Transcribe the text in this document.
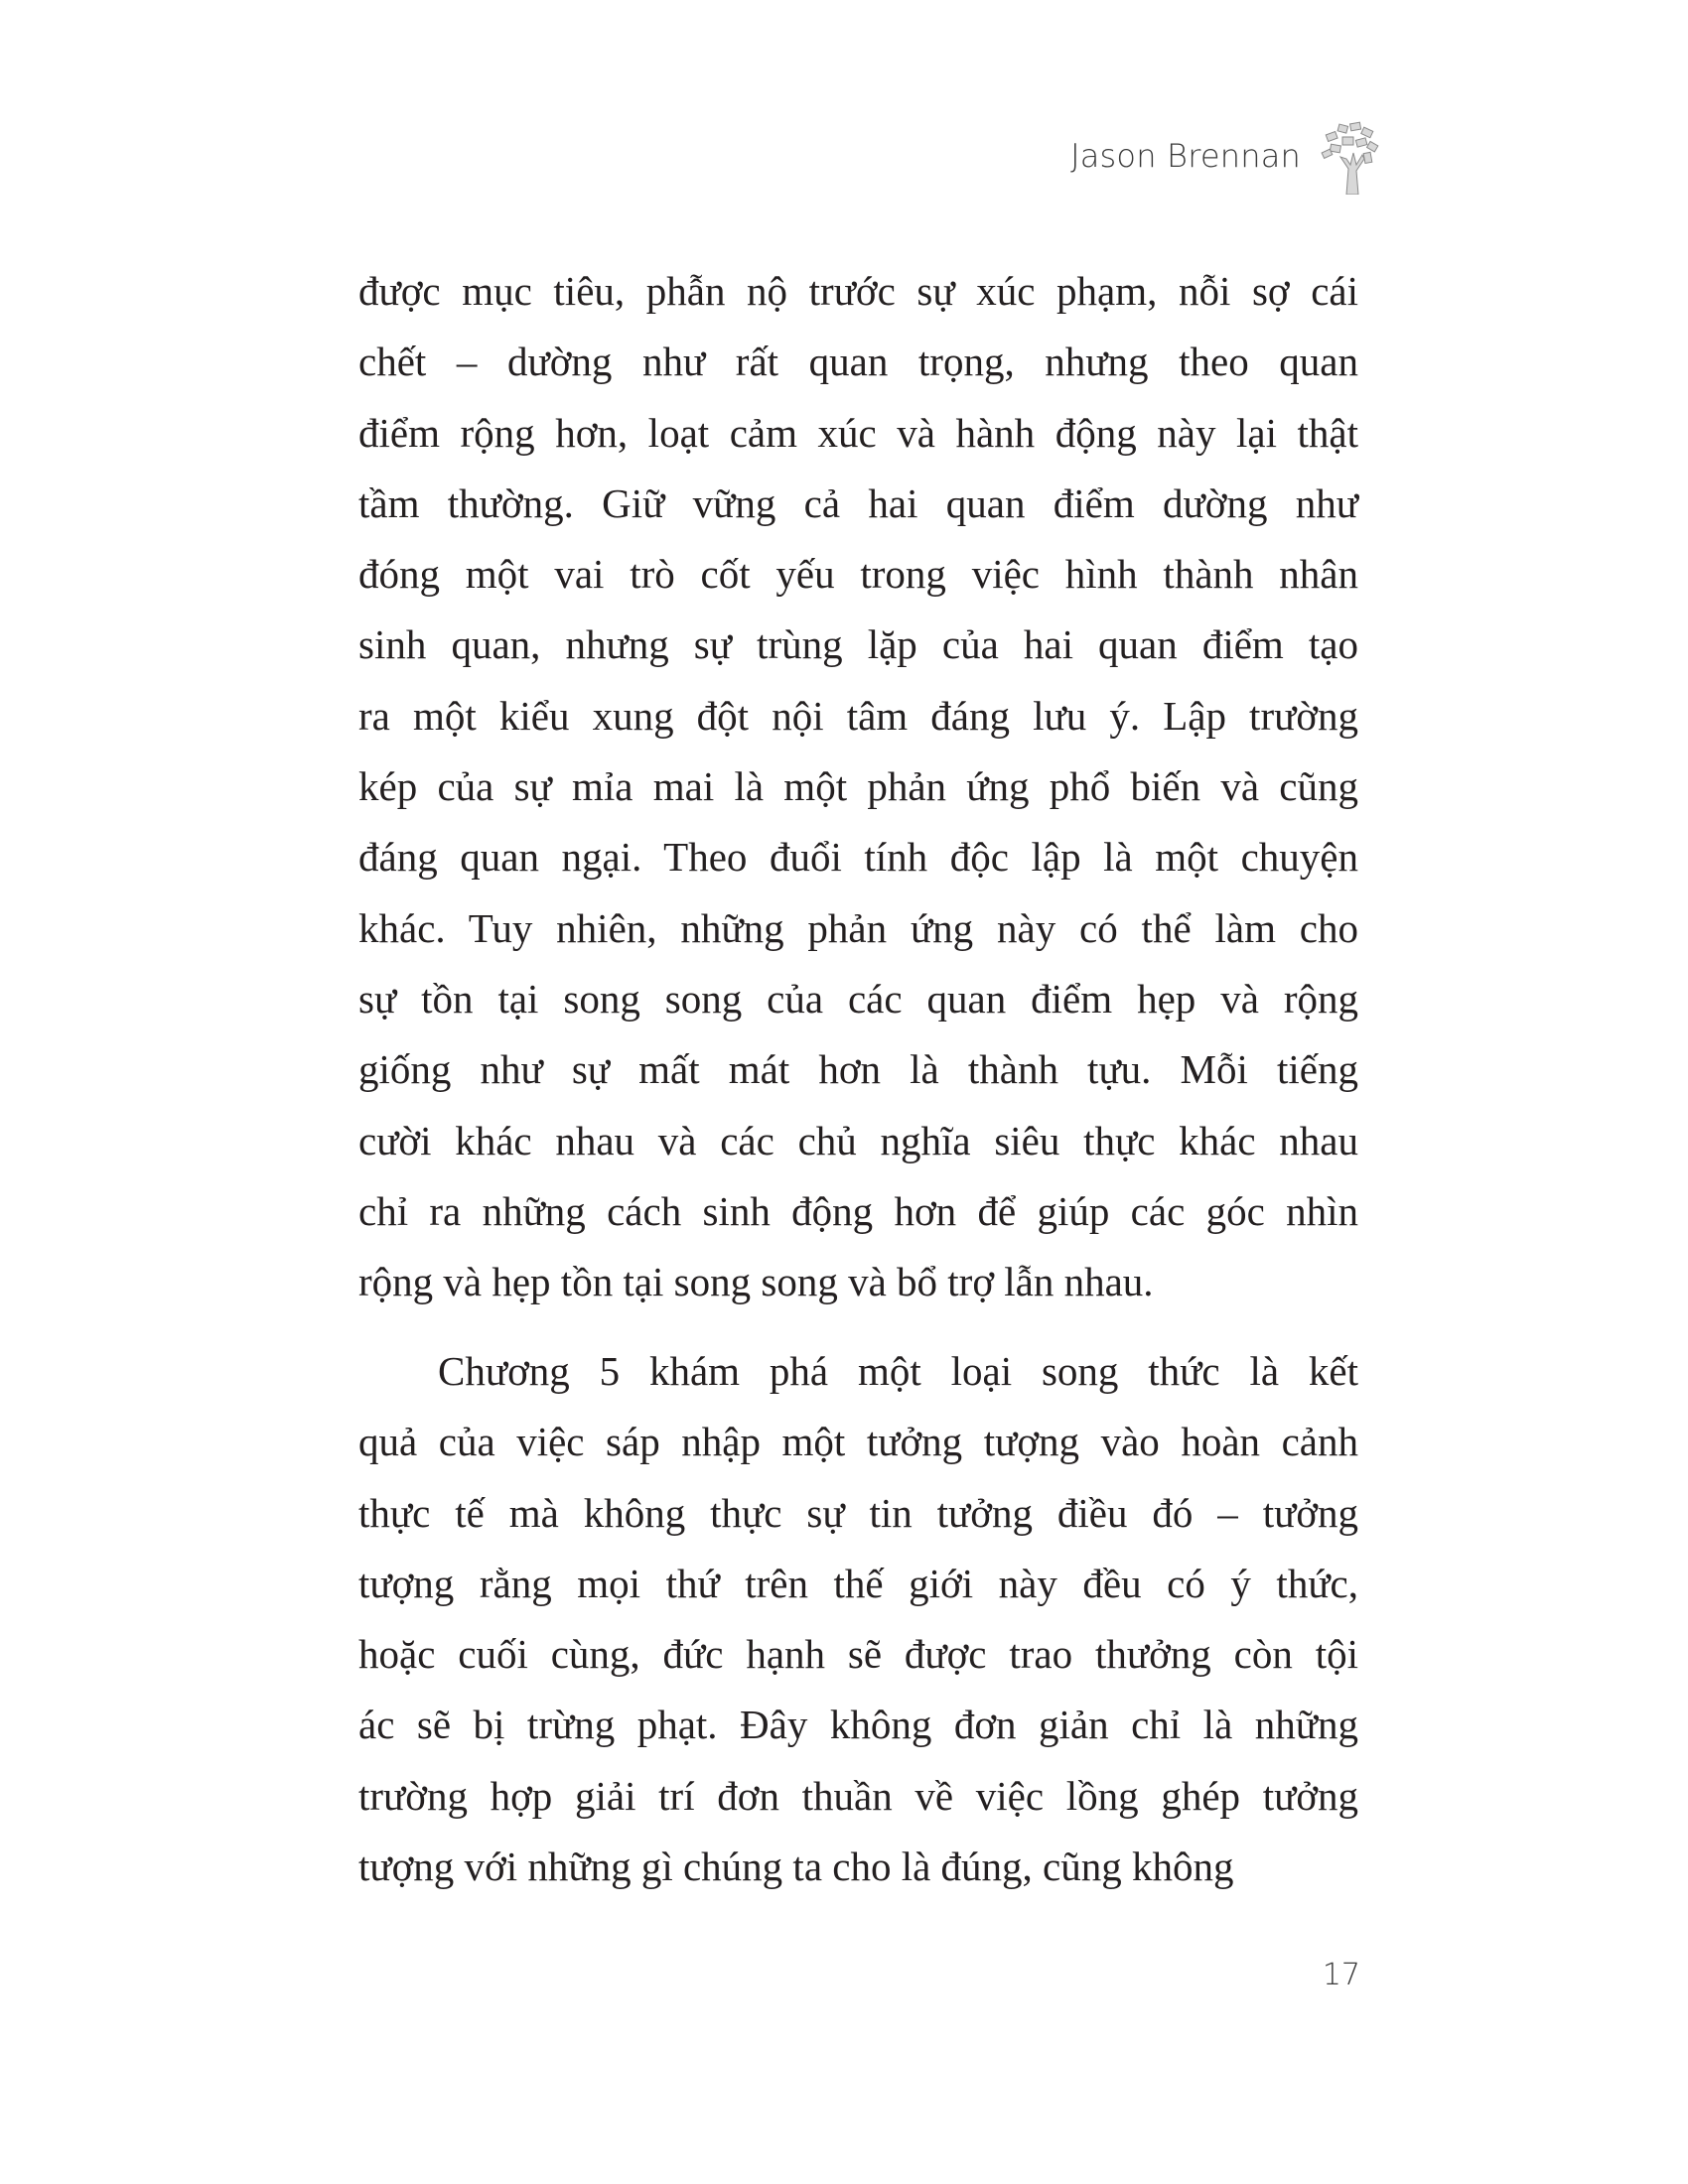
Jason Brennan
được mục tiêu, phẫn nộ trước sự xúc phạm, nỗi sợ cái
chết – dường như rất quan trọng, nhưng theo quan
điểm rộng hơn, loạt cảm xúc và hành động này lại thật
tầm thường. Giữ vững cả hai quan điểm dường như
đóng một vai trò cốt yếu trong việc hình thành nhân
sinh quan, nhưng sự trùng lặp của hai quan điểm tạo
ra một kiểu xung đột nội tâm đáng lưu ý. Lập trường
kép của sự mỉa mai là một phản ứng phổ biến và cũng
đáng quan ngại. Theo đuổi tính độc lập là một chuyện
khác. Tuy nhiên, những phản ứng này có thể làm cho
sự tồn tại song song của các quan điểm hẹp và rộng
giống như sự mất mát hơn là thành tựu. Mỗi tiếng
cười khác nhau và các chủ nghĩa siêu thực khác nhau
chỉ ra những cách sinh động hơn để giúp các góc nhìn
rộng và hẹp tồn tại song song và bổ trợ lẫn nhau.
Chương 5 khám phá một loại song thức là kết
quả của việc sáp nhập một tưởng tượng vào hoàn cảnh
thực tế mà không thực sự tin tưởng điều đó – tưởng
tượng rằng mọi thứ trên thế giới này đều có ý thức,
hoặc cuối cùng, đức hạnh sẽ được trao thưởng còn tội
ác sẽ bị trừng phạt. Đây không đơn giản chỉ là những
trường hợp giải trí đơn thuần về việc lồng ghép tưởng
tượng với những gì chúng ta cho là đúng, cũng không
17
